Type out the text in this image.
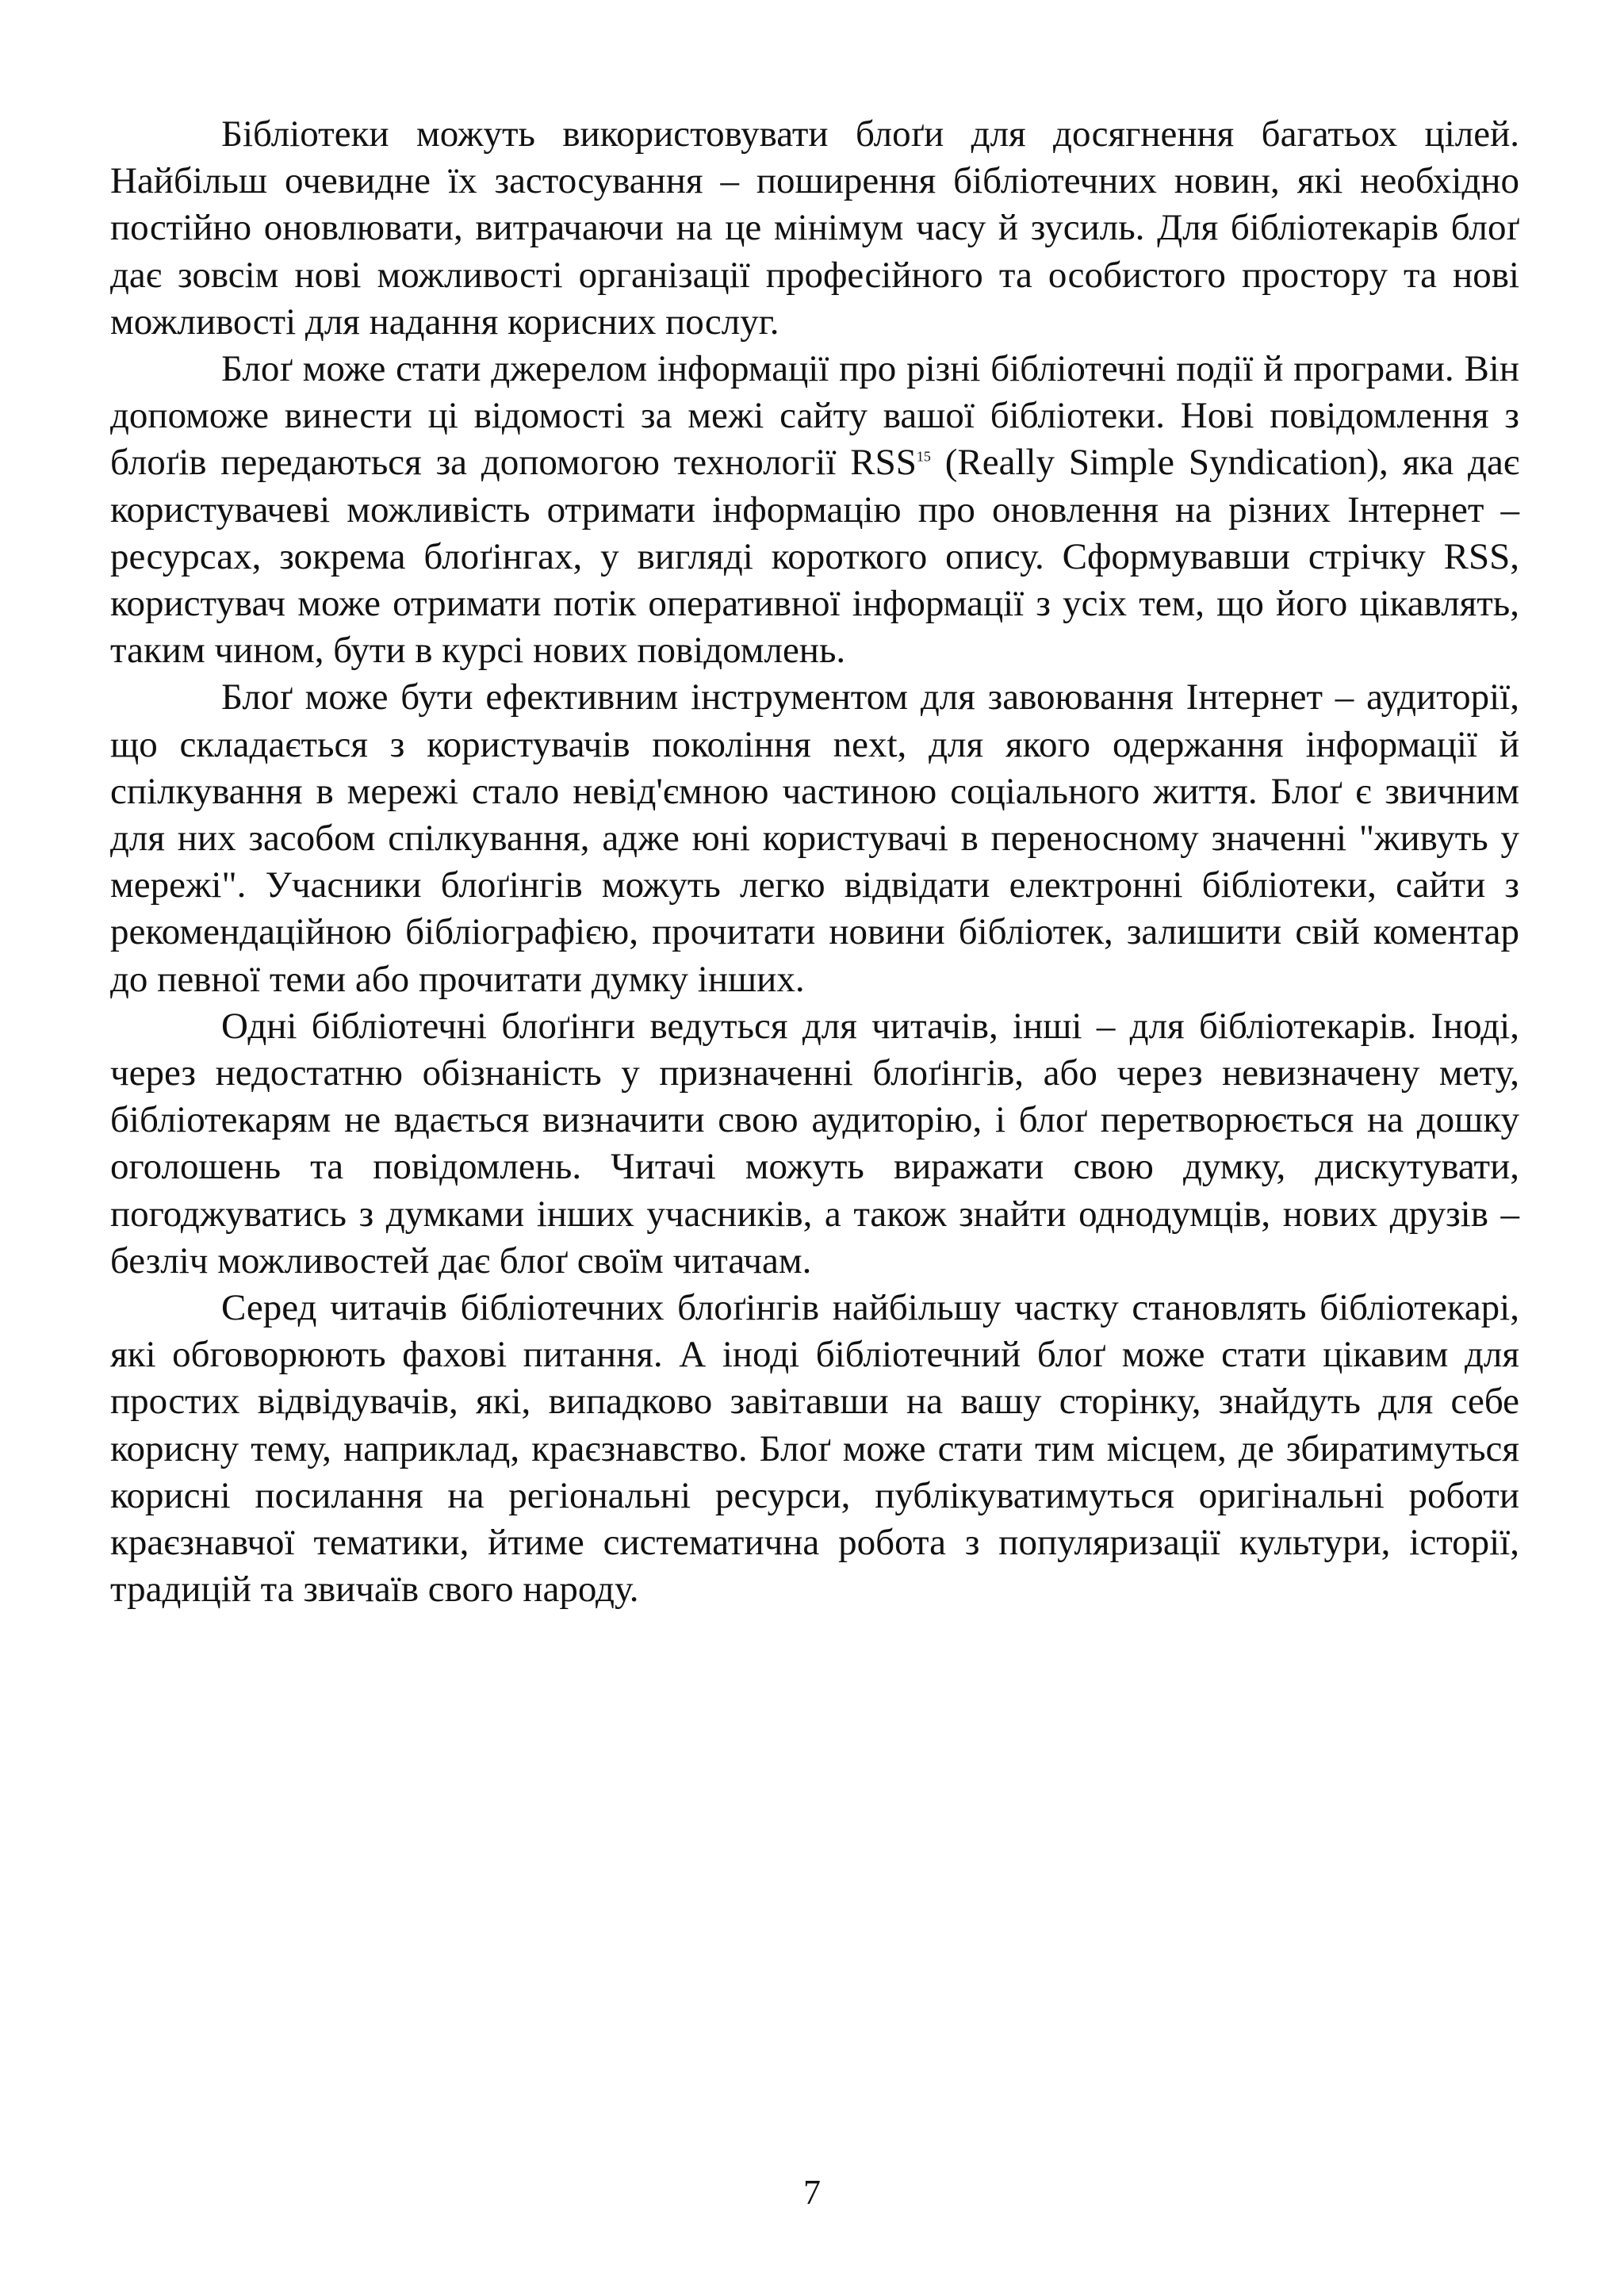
Бібліотеки можуть використовувати блоґи для досягнення багатьох цілей. Найбільш очевидне їх застосування – поширення бібліотечних новин, які необхідно постійно оновлювати, витрачаючи на це мінімум часу й зусиль. Для бібліотекарів блоґ дає зовсім нові можливості організації професійного та особистого простору та нові можливості для надання корисних послуг.

Блоґ може стати джерелом інформації про різні бібліотечні події й програми. Він допоможе винести ці відомості за межі сайту вашої бібліотеки. Нові повідомлення з блоґів передаються за допомогою технології RSS$^{15}$ (Really Simple Syndication), яка дає користувачеві можливість отримати інформацію про оновлення на різних Інтернет – ресурсах, зокрема блоґінгах, у вигляді короткого опису. Сформувавши стрічку RSS, користувач може отримати потік оперативної інформації з усіх тем, що його цікавлять, таким чином, бути в курсі нових повідомлень.

Блоґ може бути ефективним інструментом для завоювання Інтернет – аудиторії, що складається з користувачів покоління next, для якого одержання інформації й спілкування в мережі стало невід'ємною частиною соціального життя. Блоґ є звичним для них засобом спілкування, адже юні користувачі в переносному значенні "живуть у мережі". Учасники блоґінгів можуть легко відвідати електронні бібліотеки, сайти з рекомендаційною бібліографією, прочитати новини бібліотек, залишити свій коментар до певної теми або прочитати думку інших.

Одні бібліотечні блоґінги ведуться для читачів, інші – для бібліотекарів. Іноді, через недостатню обізнаність у призначенні блоґінгів, або через невизначену мету, бібліотекарям не вдається визначити свою аудиторію, і блоґ перетворюється на дошку оголошень та повідомлень. Читачі можуть виражати свою думку, дискутувати, погоджуватись з думками інших учасників, а також знайти однодумців, нових друзів – безліч можливостей дає блоґ своїм читачам.

Серед читачів бібліотечних блоґінгів найбільшу частку становлять бібліотекарі, які обговорюють фахові питання. А іноді бібліотечний блоґ може стати цікавим для простих відвідувачів, які, випадково завітавши на вашу сторінку, знайдуть для себе корисну тему, наприклад, краєзнавство. Блоґ може стати тим місцем, де збиратимуться корисні посилання на регіональні ресурси, публікуватимуться оригінальні роботи краєзнавчої тематики, йтиме систематична робота з популяризації культури, історії, традицій та звичаїв свого народу.

7
